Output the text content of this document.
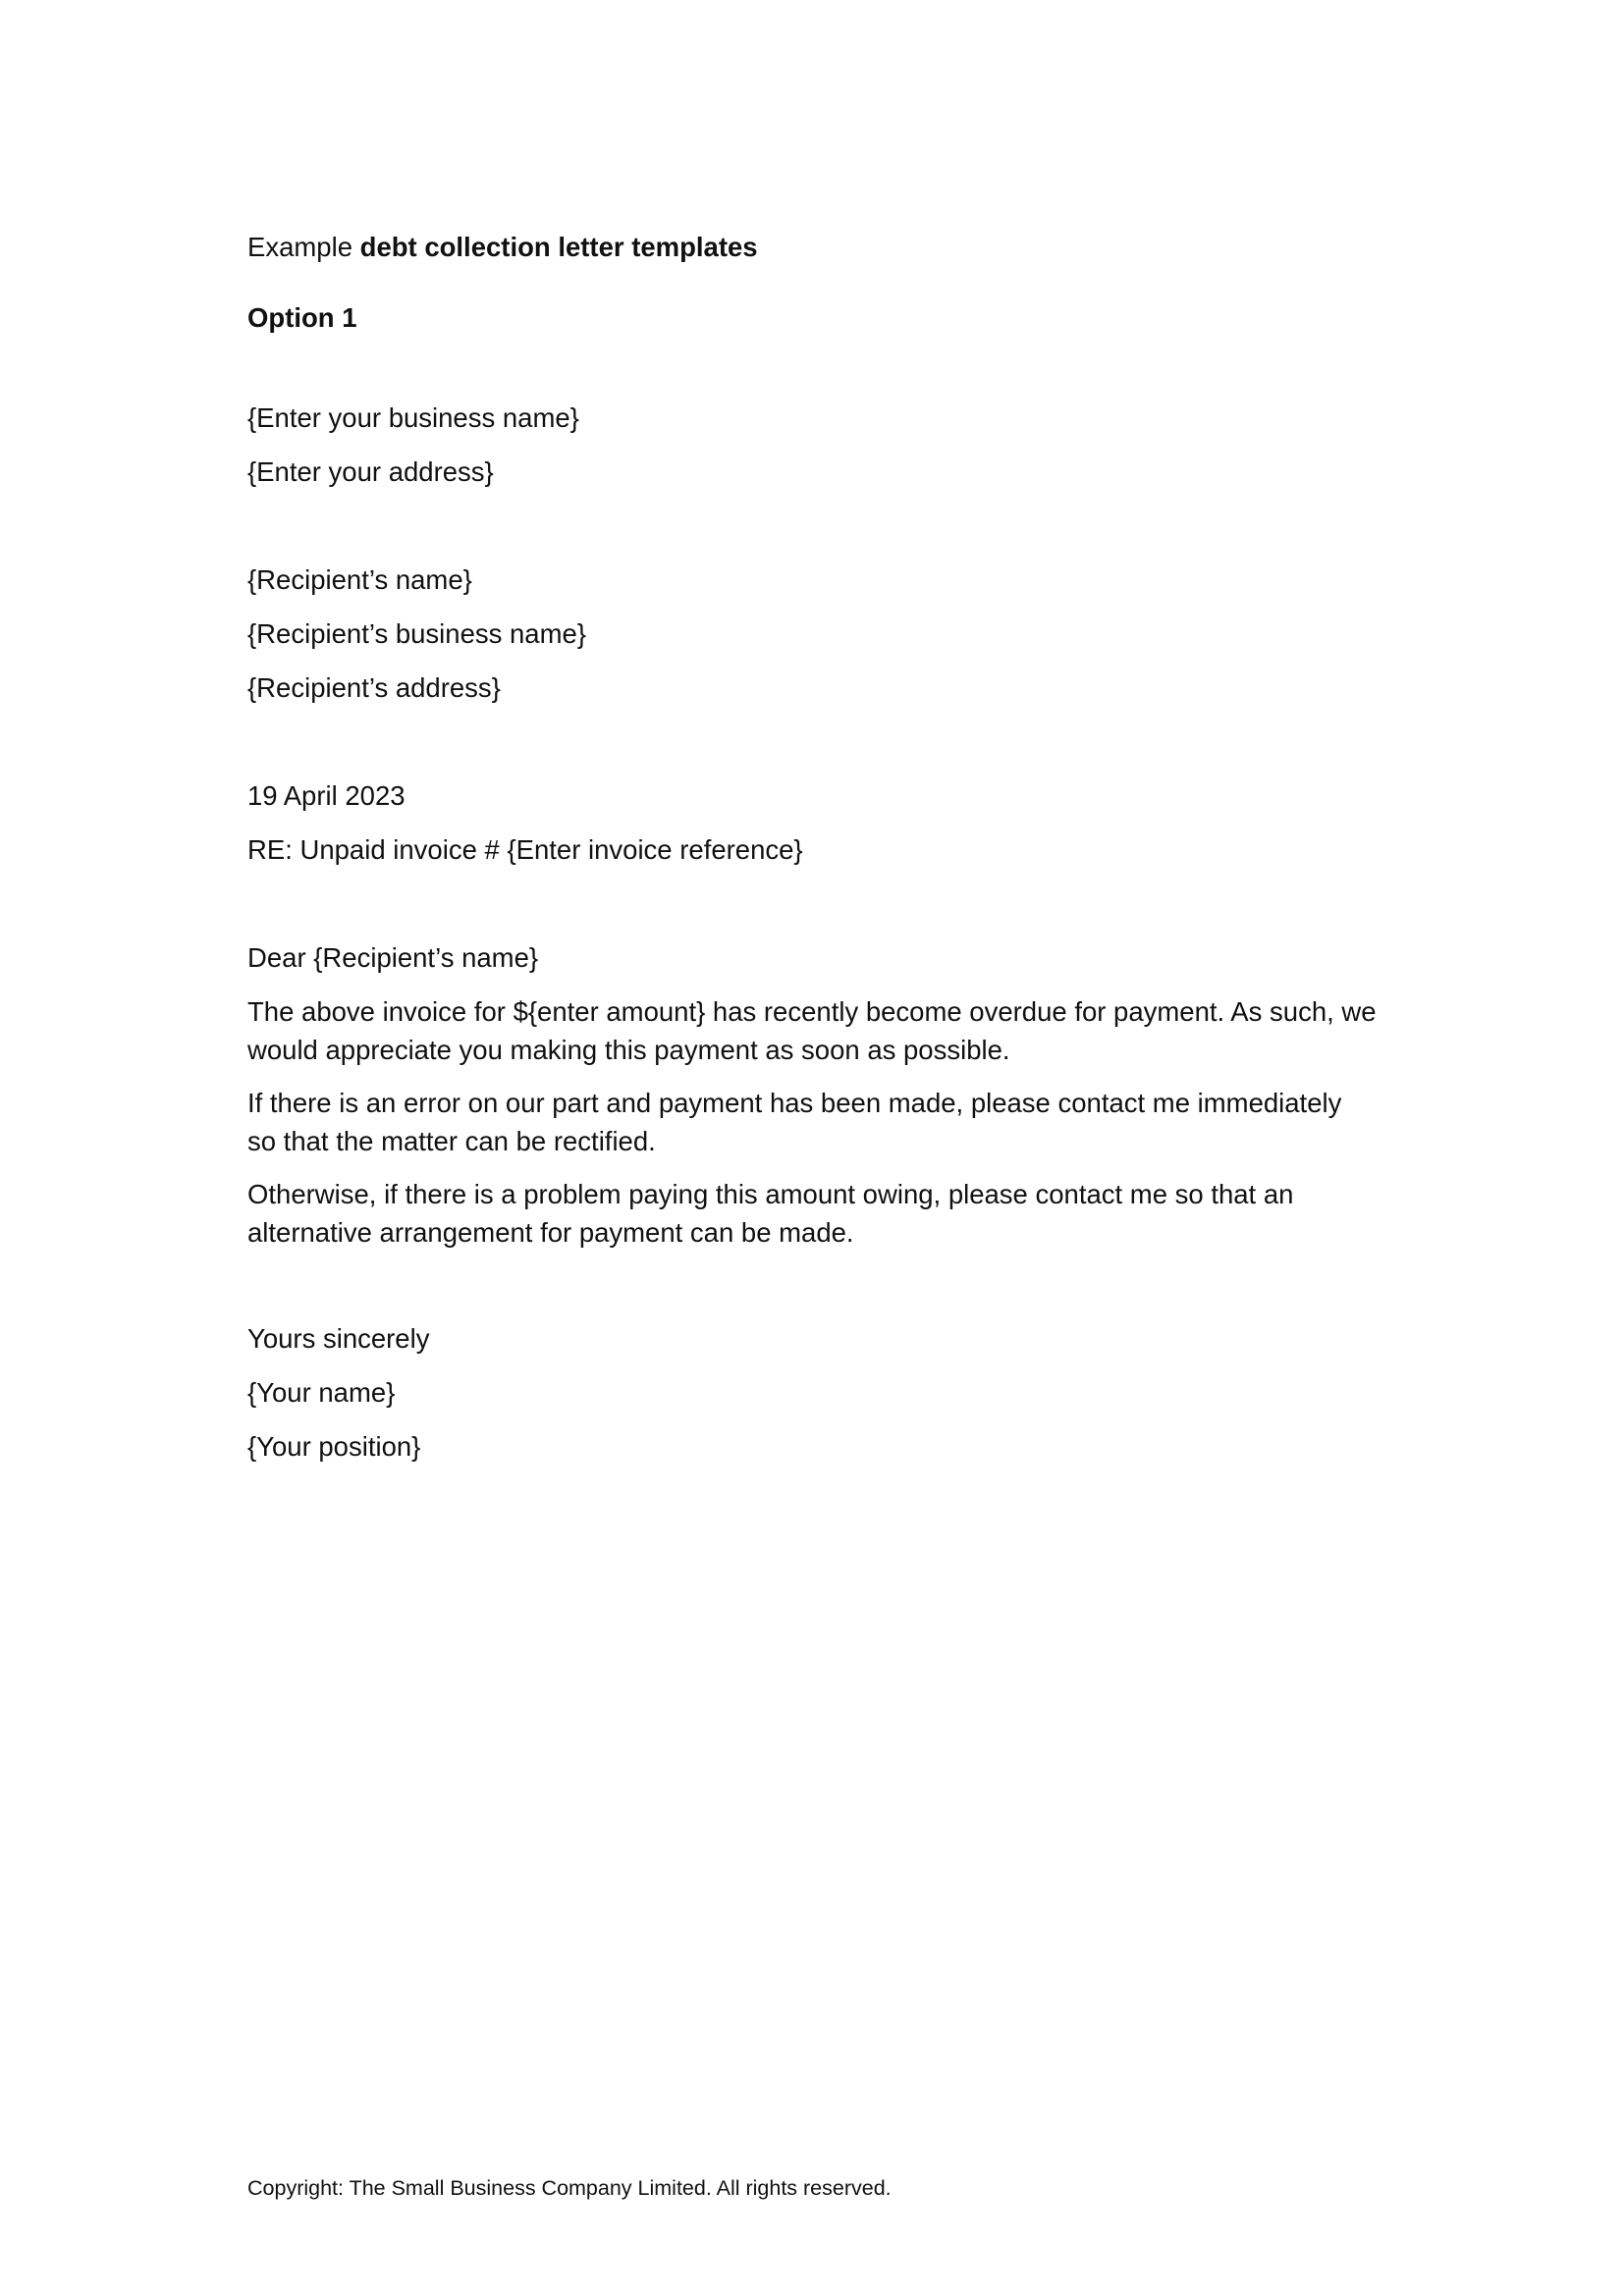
Example debt collection letter templates
Option 1
{Enter your business name}
{Enter your address}
{Recipient’s name}
{Recipient’s business name}
{Recipient’s address}
19 April 2023
RE: Unpaid invoice # {Enter invoice reference}
Dear {Recipient’s name}
The above invoice for ${enter amount} has recently become overdue for payment. As such, we would appreciate you making this payment as soon as possible.
If there is an error on our part and payment has been made, please contact me immediately so that the matter can be rectified.
Otherwise, if there is a problem paying this amount owing, please contact me so that an alternative arrangement for payment can be made.
Yours sincerely
{Your name}
{Your position}
Copyright: The Small Business Company Limited. All rights reserved.
